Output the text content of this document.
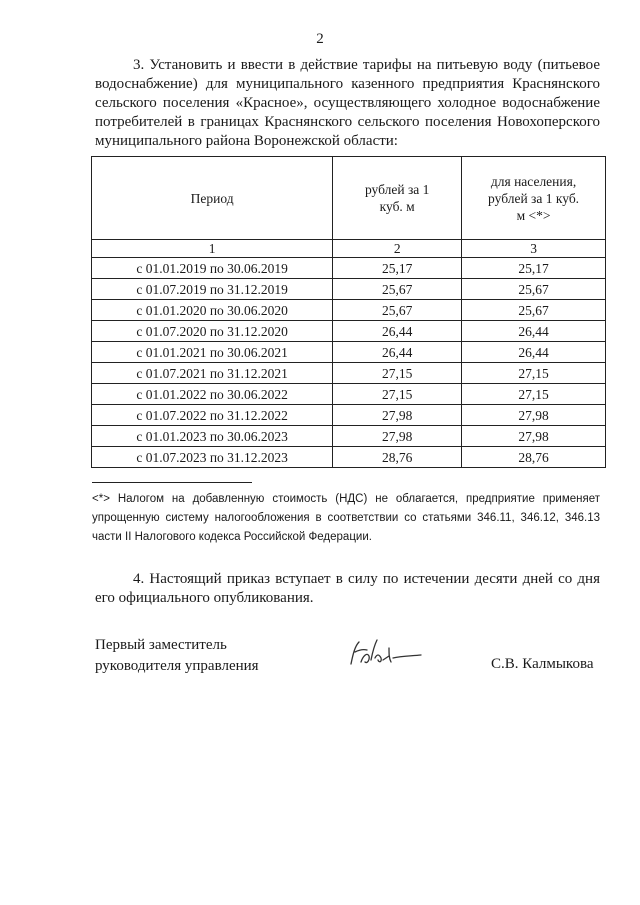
2

3. Установить и ввести в действие тарифы на питьевую воду (питьевое водоснабжение) для муниципального казенного предприятия Краснянского сельского поселения «Красное», осуществляющего холодное водоснабжение потребителей в границах Краснянского сельского поселения Новохоперского муниципального района Воронежской области:

Период	рублей за 1 куб. м	для населения, рублей за 1 куб. м <*>
1	2	3
с 01.01.2019 по 30.06.2019	25,17	25,17
с 01.07.2019 по 31.12.2019	25,67	25,67
с 01.01.2020 по 30.06.2020	25,67	25,67
с 01.07.2020 по 31.12.2020	26,44	26,44
с 01.01.2021 по 30.06.2021	26,44	26,44
с 01.07.2021 по 31.12.2021	27,15	27,15
с 01.01.2022 по 30.06.2022	27,15	27,15
с 01.07.2022 по 31.12.2022	27,98	27,98
с 01.01.2023 по 30.06.2023	27,98	27,98
с 01.07.2023 по 31.12.2023	28,76	28,76

<*> Налогом на добавленную стоимость (НДС) не облагается, предприятие применяет упрощенную систему налогообложения в соответствии со статьями 346.11, 346.12, 346.13 части II Налогового кодекса Российской Федерации.

4. Настоящий приказ вступает в силу по истечении десяти дней со дня его официального опубликования.

Первый заместитель
руководителя управления	С.В. Калмыкова
